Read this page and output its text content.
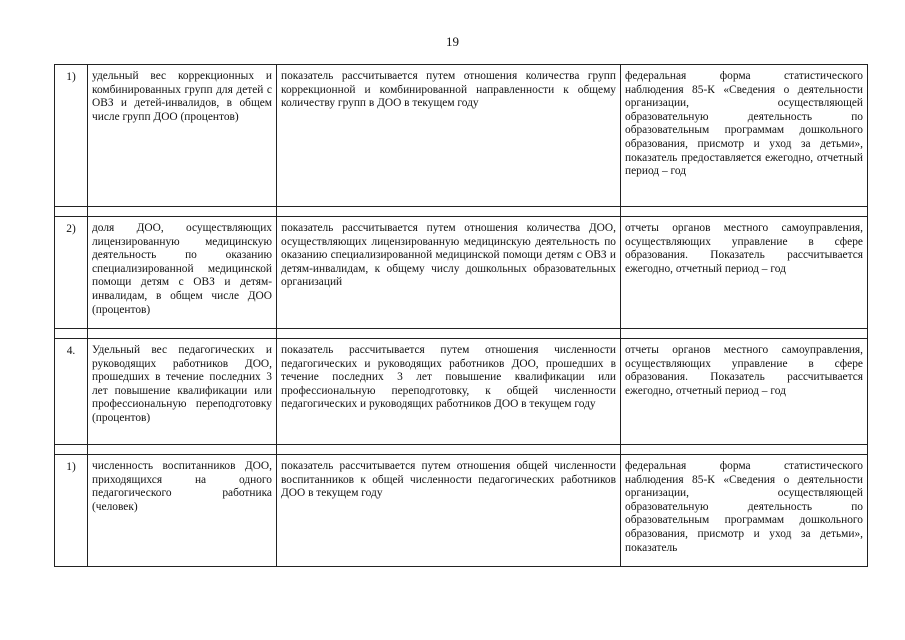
19
1)	удельный вес коррекционных и комбинированных групп для детей с ОВЗ и детей-инвалидов, в общем числе групп ДОО (процентов)	показатель рассчитывается путем отношения количества групп коррекционной и комбинированной направленности к общему количеству групп в ДОО в текущем году	федеральная форма статистического наблюдения 85-К «Сведения о деятельности организации, осуществляющей образовательную деятельность по образовательным программам дошкольного образования, присмотр и уход за детьми», показатель предоставляется ежегодно, отчетный период – год

2)	доля ДОО, осуществляющих лицензированную медицинскую деятельность по оказанию специализированной медицинской помощи детям с ОВЗ и детям-инвалидам, в общем числе ДОО (процентов)	показатель рассчитывается путем отношения количества ДОО, осуществляющих лицензированную медицинскую деятельность по оказанию специализированной медицинской помощи детям с ОВЗ и детям-инвалидам, к общему числу дошкольных образовательных организаций	отчеты органов местного самоуправления, осуществляющих управление в сфере образования. Показатель рассчитывается ежегодно, отчетный период – год

4.	Удельный вес педагогических и руководящих работников ДОО, прошедших в течение последних 3 лет повышение квалификации или профессиональную переподготовку (процентов)	показатель рассчитывается путем отношения численности педагогических и руководящих работников ДОО, прошедших в течение последних 3 лет повышение квалификации или профессиональную переподготовку, к общей численности педагогических и руководящих работников ДОО в текущем году	отчеты органов местного самоуправления, осуществляющих управление в сфере образования. Показатель рассчитывается ежегодно, отчетный период – год

1)	численность воспитанников ДОО, приходящихся на одного педагогического работника (человек)	показатель рассчитывается путем отношения общей численности воспитанников к общей численности педагогических работников ДОО в текущем году	федеральная форма статистического наблюдения 85-К «Сведения о деятельности организации, осуществляющей образовательную деятельность по образовательным программам дошкольного образования, присмотр и уход за детьми», показатель
